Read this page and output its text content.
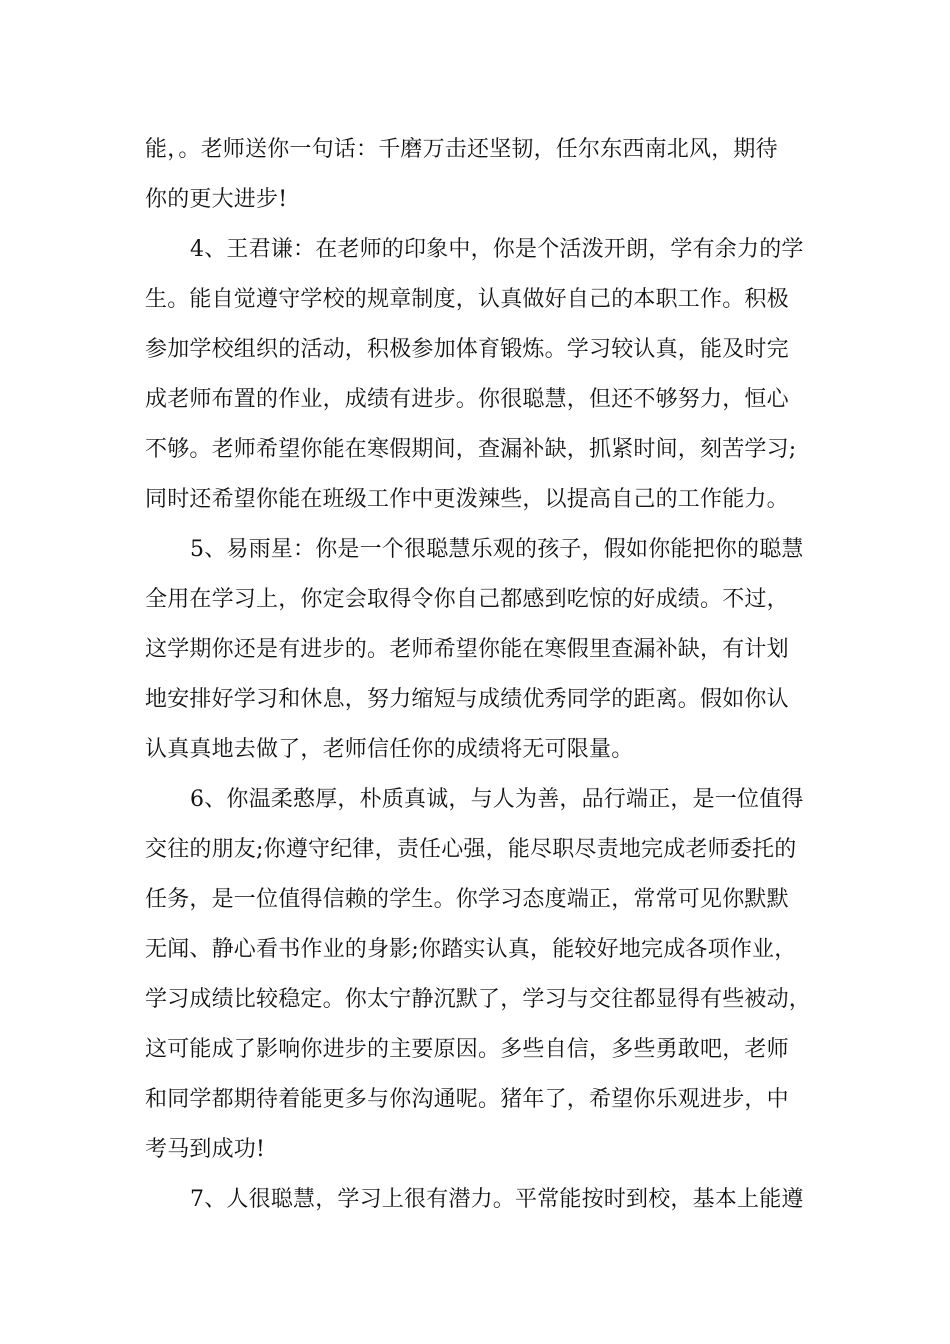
能，。老师送你一句话：千磨万击还坚韧，任尔东西南北风，期待
你的更大进步!
4、王君谦：在老师的印象中，你是个活泼开朗，学有余力的学
生。能自觉遵守学校的规章制度，认真做好自己的本职工作。积极
参加学校组织的活动，积极参加体育锻炼。学习较认真，能及时完
成老师布置的作业，成绩有进步。你很聪慧，但还不够努力，恒心
不够。老师希望你能在寒假期间，查漏补缺，抓紧时间，刻苦学习;
同时还希望你能在班级工作中更泼辣些，以提高自己的工作能力。
5、易雨星：你是一个很聪慧乐观的孩子，假如你能把你的聪慧
全用在学习上，你定会取得令你自己都感到吃惊的好成绩。不过，
这学期你还是有进步的。老师希望你能在寒假里查漏补缺，有计划
地安排好学习和休息，努力缩短与成绩优秀同学的距离。假如你认
认真真地去做了，老师信任你的成绩将无可限量。
6、你温柔憨厚，朴质真诚，与人为善，品行端正，是一位值得
交往的朋友;你遵守纪律，责任心强，能尽职尽责地完成老师委托的
任务，是一位值得信赖的学生。你学习态度端正，常常可见你默默
无闻、静心看书作业的身影;你踏实认真，能较好地完成各项作业，
学习成绩比较稳定。你太宁静沉默了，学习与交往都显得有些被动，
这可能成了影响你进步的主要原因。多些自信，多些勇敢吧，老师
和同学都期待着能更多与你沟通呢。猪年了，希望你乐观进步，中
考马到成功!
7、人很聪慧，学习上很有潜力。平常能按时到校，基本上能遵
